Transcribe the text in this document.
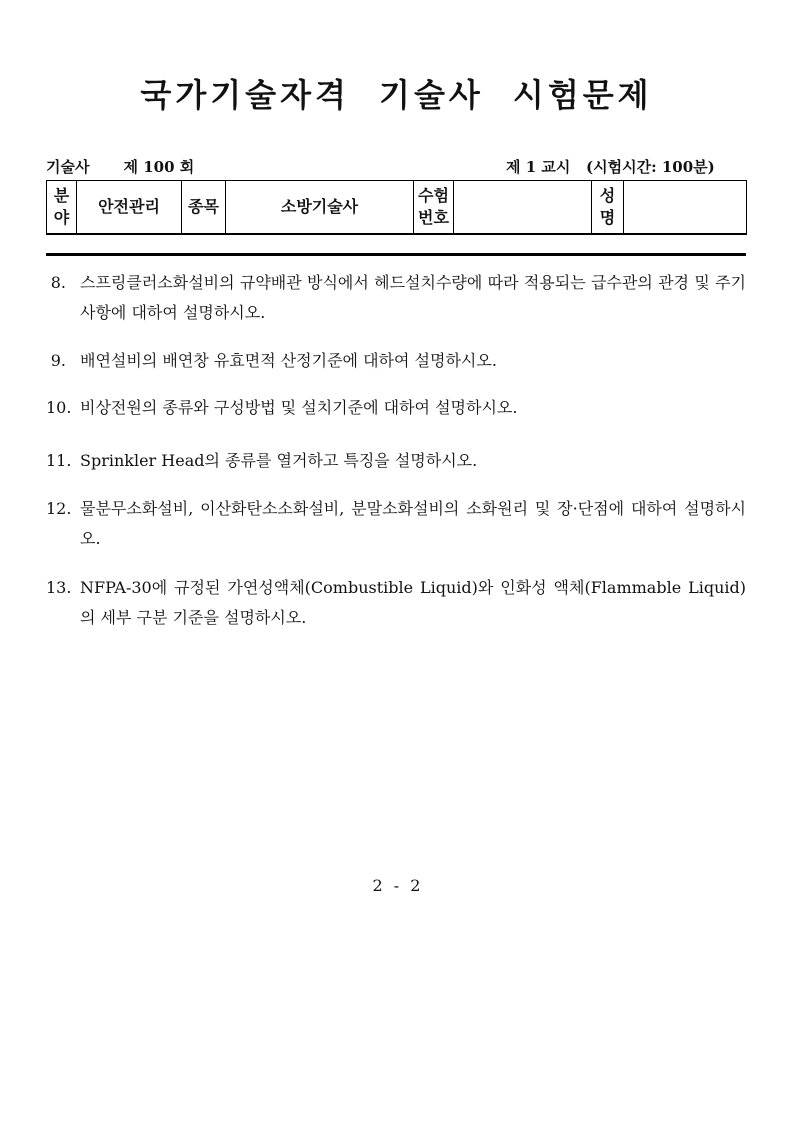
국가기술자격 기술사 시험문제
기술사 제 100 회	제 1 교시 (시험시간: 100분)
분야	안전관리	종목	소방기술사	수험번호		성명	
8. 스프링클러소화설비의 규약배관 방식에서 헤드설치수량에 따라 적용되는 급수관의 관경 및 주기사항에 대하여 설명하시오.
9. 배연설비의 배연창 유효면적 산정기준에 대하여 설명하시오.
10. 비상전원의 종류와 구성방법 및 설치기준에 대하여 설명하시오.
11. Sprinkler Head의 종류를 열거하고 특징을 설명하시오.
12. 물분무소화설비, 이산화탄소소화설비, 분말소화설비의 소화원리 및 장·단점에 대하여 설명하시오.
13. NFPA-30에 규정된 가연성액체(Combustible Liquid)와 인화성 액체(Flammable Liquid)의 세부 구분 기준을 설명하시오.
2 - 2
